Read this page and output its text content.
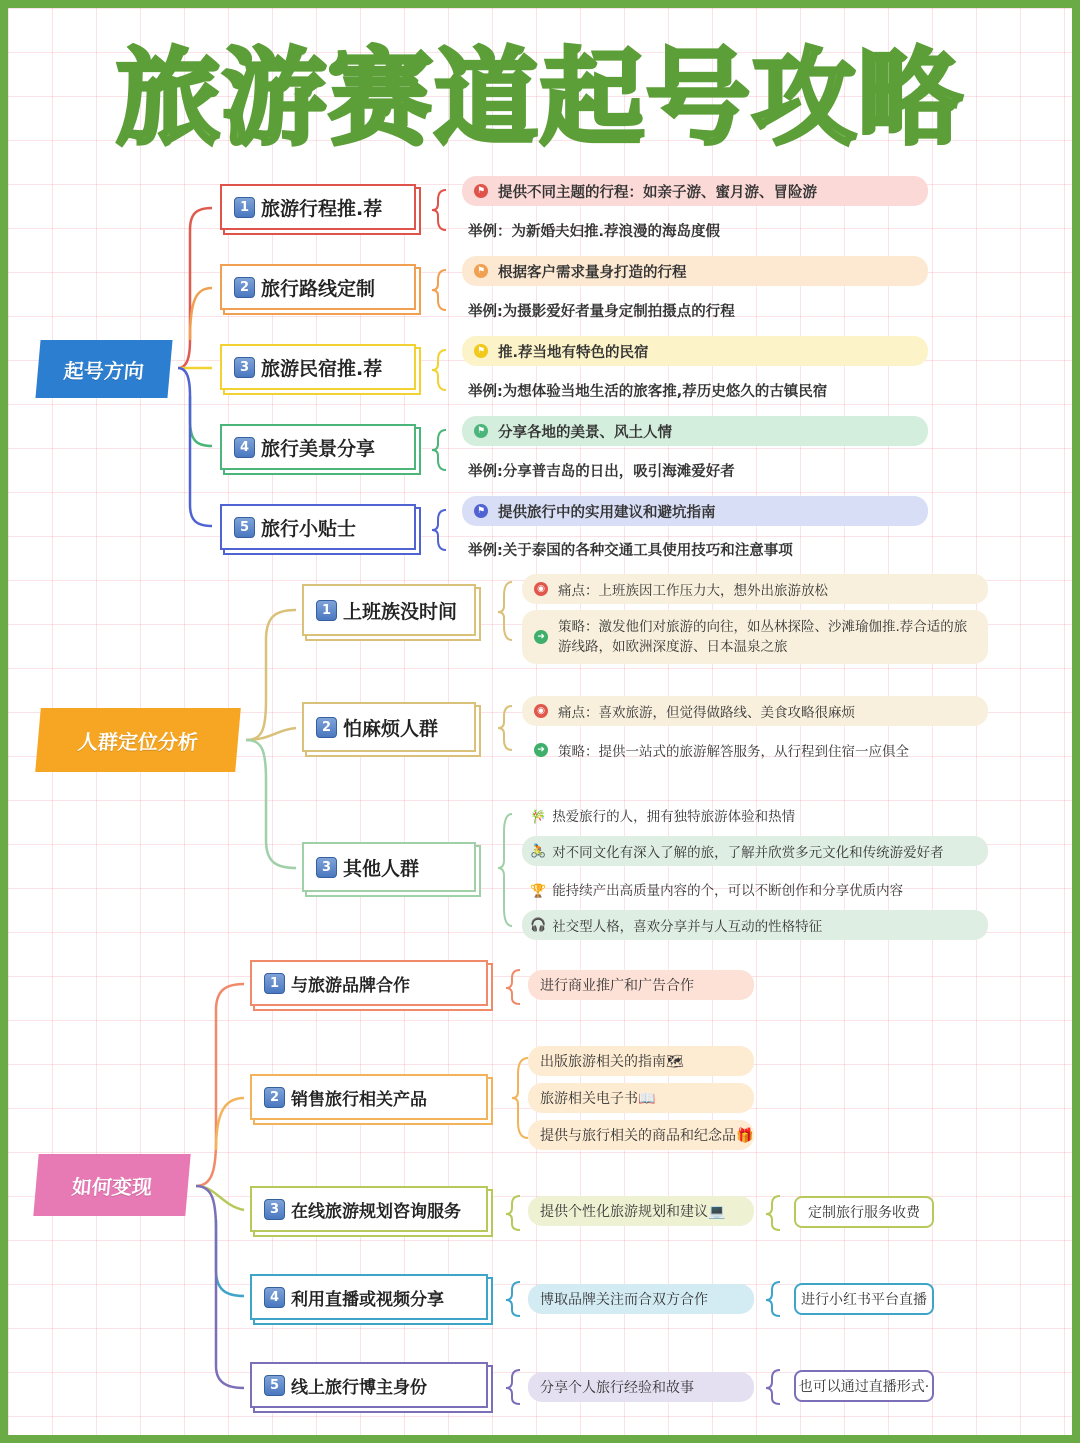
旅游赛道起号攻略
起号方向
1 旅游行程推.荐
2 旅行路线定制
3 旅游民宿推.荐
4 旅行美景分享
5 旅行小贴士
⚑ 提供不同主题的行程：如亲子游、蜜月游、冒险游
举例：为新婚夫妇推.荐浪漫的海岛度假
⚑ 根据客户需求量身打造的行程
举例:为摄影爱好者量身定制拍摄点的行程
⚑ 推.荐当地有特色的民宿
举例:为想体验当地生活的旅客推,荐历史悠久的古镇民宿
⚑ 分享各地的美景、风土人情
举例:分享普吉岛的日出，吸引海滩爱好者
⚑ 提供旅行中的实用建议和避坑指南
举例:关于泰国的各种交通工具使用技巧和注意事项
人群定位分析
1 上班族没时间
2 怕麻烦人群
3 其他人群
◉ 痛点：上班族因工作压力大，想外出旅游放松
➜
策略：激发他们对旅游的向往，如丛林探险、沙滩瑜伽推.荐合适的旅游线路，如欧洲深度游、日本温泉之旅
◉ 痛点：喜欢旅游，但觉得做路线、美食攻略很麻烦
➜ 策略：提供一站式的旅游解答服务，从行程到住宿一应俱全
🎋 热爱旅行的人，拥有独特旅游体验和热情
🚴 对不同文化有深入了解的旅，了解并欣赏多元文化和传统游爱好者
🏆 能持续产出高质量内容的个，可以不断创作和分享优质内容
🎧 社交型人格，喜欢分享并与人互动的性格特征
如何变现
1 与旅游品牌合作
2 销售旅行相关产品
3 在线旅游规划咨询服务
4 利用直播或视频分享
5 线上旅行博主身份
进行商业推广和广告合作
出版旅游相关的指南🗺
旅游相关电子书📖
提供与旅行相关的商品和纪念品🎁
提供个性化旅游规划和建议💻	定制旅行服务收费
博取品牌关注而合双方合作	进行小红书平台直播
分享个人旅行经验和故事	也可以通过直播形式·
